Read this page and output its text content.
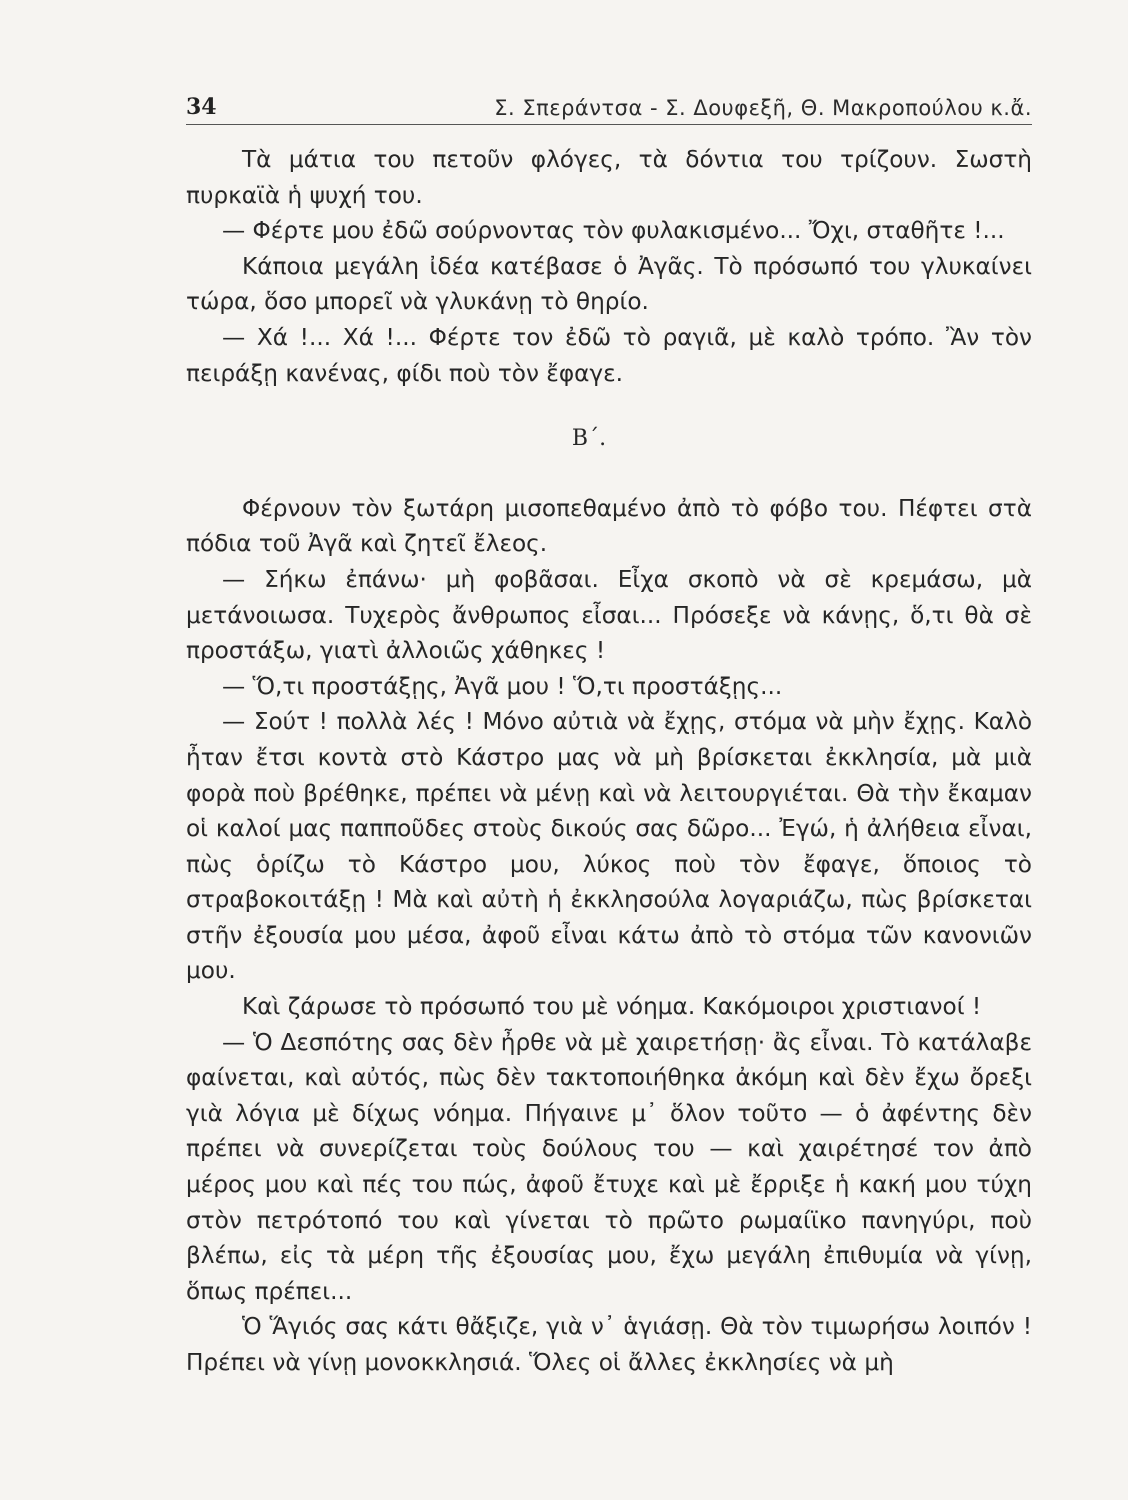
34	Σ. Σπεράντσα - Σ. Δουφεξῆ, Θ. Μακροπούλου κ.ἄ.

Τὰ μάτια του πετοῦν φλόγες, τὰ δόντια του τρίζουν. Σωστὴ πυρκαϊὰ ἡ ψυχή του.

— Φέρτε μου ἐδῶ σούρνοντας τὸν φυλακισμένο... Ὄχι, σταθῆτε !...

Κάποια μεγάλη ἰδέα κατέβασε ὁ Ἀγᾶς. Τὸ πρόσωπό του γλυκαίνει τώρα, ὅσο μπορεῖ νὰ γλυκάνῃ τὸ θηρίο.

— Χά !... Χά !... Φέρτε τον ἐδῶ τὸ ραγιᾶ, μὲ καλὸ τρόπο. Ἂν τὸν πειράξῃ κανένας, φίδι ποὺ τὸν ἔφαγε.

Β΄.

Φέρνουν τὸν ξωτάρη μισοπεθαμένο ἀπὸ τὸ φόβο του. Πέφτει στὰ πόδια τοῦ Ἀγᾶ καὶ ζητεῖ ἔλεος.

— Σήκω ἐπάνω· μὴ φοβᾶσαι. Εἶχα σκοπὸ νὰ σὲ κρεμάσω, μὰ μετάνοιωσα. Τυχερὸς ἄνθρωπος εἶσαι... Πρόσεξε νὰ κάνῃς, ὅ,τι θὰ σὲ προστάξω, γιατὶ ἀλλοιῶς χάθηκες !

— Ὅ,τι προστάξῃς, Ἀγᾶ μου ! Ὅ,τι προστάξῃς...

— Σούτ ! πολλὰ λές ! Μόνο αὐτιὰ νὰ ἔχῃς, στόμα νὰ μὴν ἔχῃς. Καλὸ ἦταν ἔτσι κοντὰ στὸ Κάστρο μας νὰ μὴ βρίσκεται ἐκκλησία, μὰ μιὰ φορὰ ποὺ βρέθηκε, πρέπει νὰ μένῃ καὶ νὰ λειτουργιέται. Θὰ τὴν ἔκαμαν οἱ καλοί μας παπποῦδες στοὺς δικούς σας δῶρο... Ἐγώ, ἡ ἀλήθεια εἶναι, πὼς ὁρίζω τὸ Κάστρο μου, λύκος ποὺ τὸν ἔφαγε, ὅποιος τὸ στραβοκοιτάξῃ ! Μὰ καὶ αὐτὴ ἡ ἐκκλησούλα λογαριάζω, πὼς βρίσκεται στῆν ἐξουσία μου μέσα, ἀφοῦ εἶναι κάτω ἀπὸ τὸ στόμα τῶν κανονιῶν μου.

Καὶ ζάρωσε τὸ πρόσωπό του μὲ νόημα. Κακόμοιροι χριστιανοί !

— Ὁ Δεσπότης σας δὲν ἦρθε νὰ μὲ χαιρετήσῃ· ἂς εἶναι. Τὸ κατάλαβε φαίνεται, καὶ αὐτός, πὼς δὲν τακτοποιήθηκα ἀκόμη καὶ δὲν ἔχω ὄρεξι γιὰ λόγια μὲ δίχως νόημα. Πήγαινε μ᾿ ὅλον τοῦτο — ὁ ἀφέντης δὲν πρέπει νὰ συνερίζεται τοὺς δούλους του — καὶ χαιρέτησέ τον ἀπὸ μέρος μου καὶ πές του πώς, ἀφοῦ ἔτυχε καὶ μὲ ἔρριξε ἡ κακή μου τύχη στὸν πετρότοπό του καὶ γίνεται τὸ πρῶτο ρωμαίϊκο πανηγύρι, ποὺ βλέπω, εἰς τὰ μέρη τῆς ἐξουσίας μου, ἔχω μεγάλη ἐπιθυμία νὰ γίνῃ, ὅπως πρέπει...

Ὁ Ἅγιός σας κάτι θἄξιζε, γιὰ ν᾿ ἁγιάσῃ. Θὰ τὸν τιμωρήσω λοιπόν ! Πρέπει νὰ γίνῃ μονοκκλησιά. Ὅλες οἱ ἄλλες ἐκκλησίες νὰ μὴ
